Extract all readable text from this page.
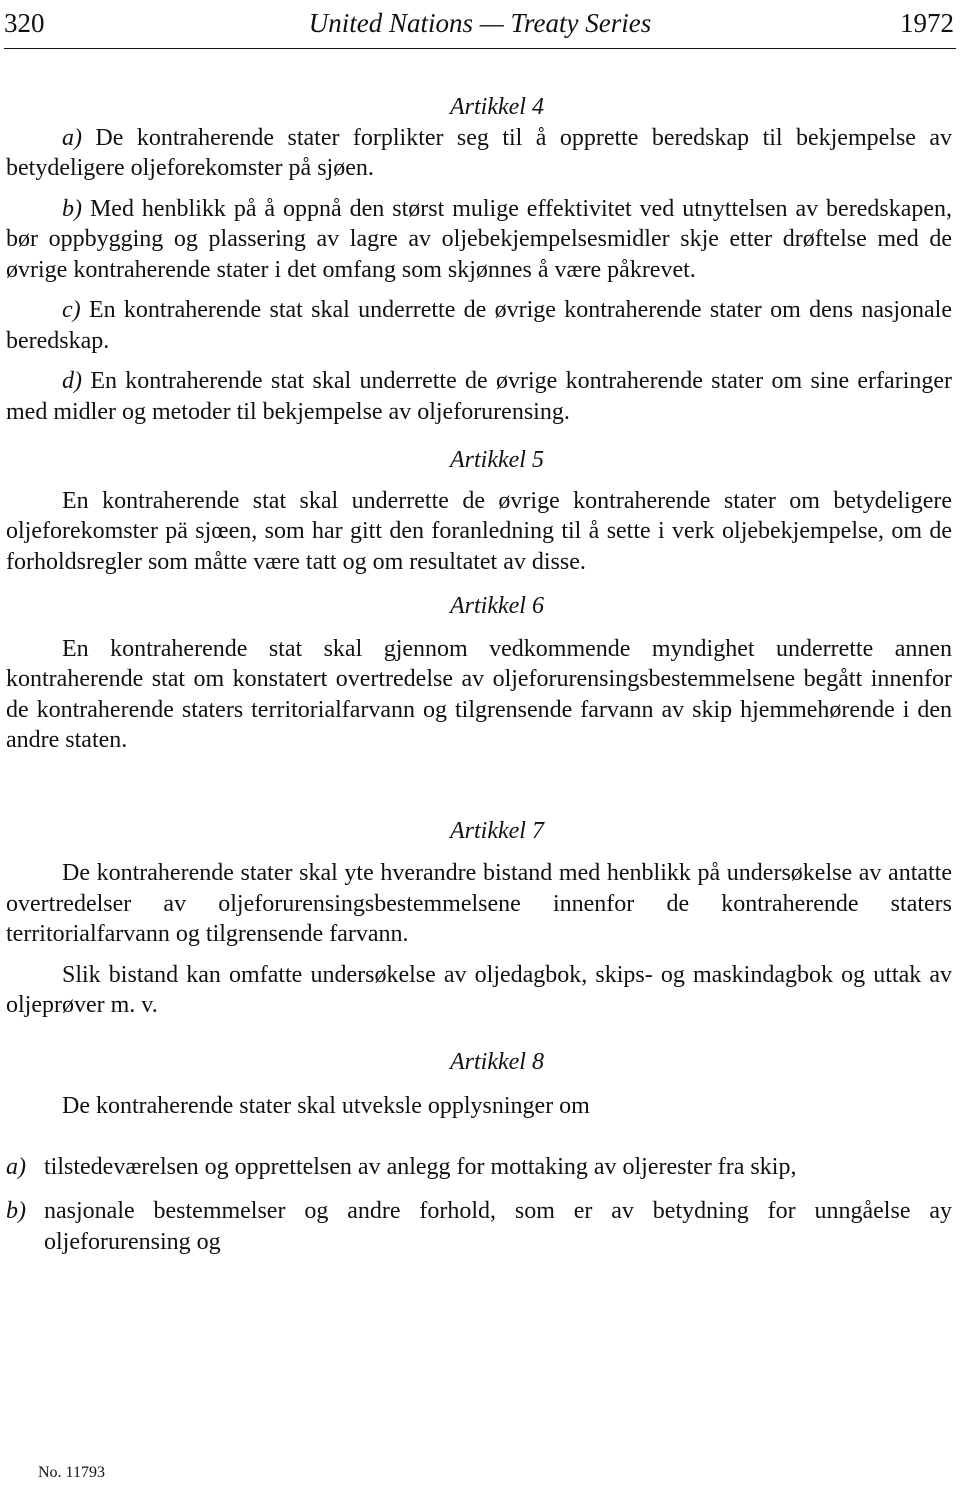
320	United Nations — Treaty Series	1972

Artikkel 4

a) De kontraherende stater forplikter seg til å opprette beredskap til bekjempelse av betydeligere oljeforekomster på sjøen.

b) Med henblikk på å oppnå den størst mulige effektivitet ved utnyttelsen av beredskapen, bør oppbygging og plassering av lagre av oljebekjempelsesmidler skje etter drøftelse med de øvrige kontraherende stater i det omfang som skjønnes å være påkrevet.

c) En kontraherende stat skal underrette de øvrige kontraherende stater om dens nasjonale beredskap.

d) En kontraherende stat skal underrette de øvrige kontraherende stater om sine erfaringer med midler og metoder til bekjempelse av oljeforurensing.

Artikkel 5

En kontraherende stat skal underrette de øvrige kontraherende stater om betydeligere oljeforekomster pä sjœen, som har gitt den foranledning til å sette i verk oljebekjempelse, om de forholdsregler som måtte være tatt og om resultatet av disse.

Artikkel 6

En kontraherende stat skal gjennom vedkommende myndighet underrette annen kontraherende stat om konstatert overtredelse av oljeforurensingsbestemmelsene begått innenfor de kontraherende staters territorialfarvann og tilgrensende farvann av skip hjemmehørende i den andre staten.

Artikkel 7

De kontraherende stater skal yte hverandre bistand med henblikk på undersøkelse av antatte overtredelser av oljeforurensingsbestemmelsene innenfor de kontraherende staters territorialfarvann og tilgrensende farvann.

Slik bistand kan omfatte undersøkelse av oljedagbok, skips- og maskindagbok og uttak av oljeprøver m. v.

Artikkel 8

De kontraherende stater skal utveksle opplysninger om

a) tilstedeværelsen og opprettelsen av anlegg for mottaking av oljerester fra skip,

b) nasjonale bestemmelser og andre forhold, som er av betydning for unngåelse ay oljeforurensing og

No. 11793
